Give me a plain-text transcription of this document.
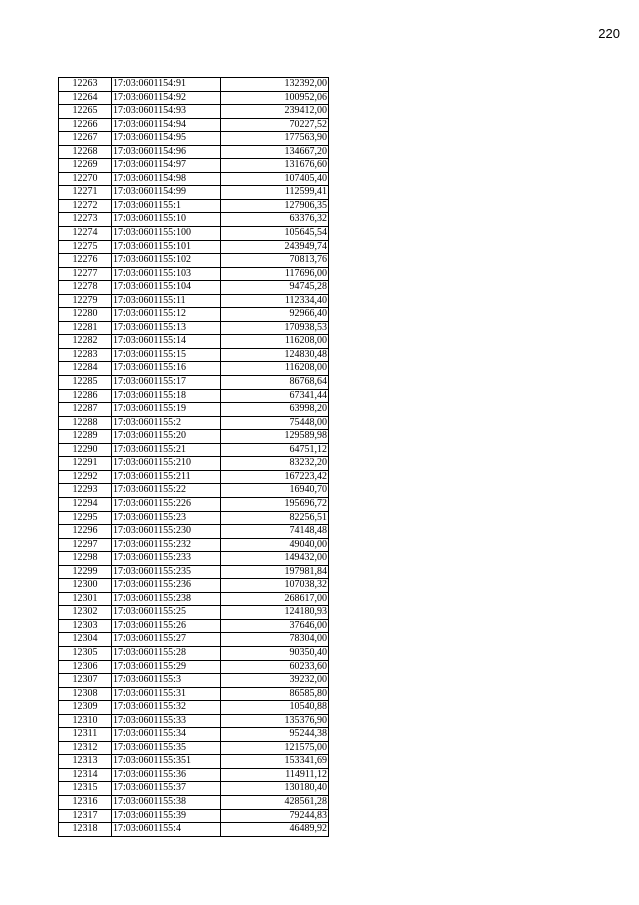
220
12263	17:03:0601154:91	132392,00
12264	17:03:0601154:92	100952,06
12265	17:03:0601154:93	239412,00
12266	17:03:0601154:94	70227,52
12267	17:03:0601154:95	177563,90
12268	17:03:0601154:96	134667,20
12269	17:03:0601154:97	131676,60
12270	17:03:0601154:98	107405,40
12271	17:03:0601154:99	112599,41
12272	17:03:0601155:1	127906,35
12273	17:03:0601155:10	63376,32
12274	17:03:0601155:100	105645,54
12275	17:03:0601155:101	243949,74
12276	17:03:0601155:102	70813,76
12277	17:03:0601155:103	117696,00
12278	17:03:0601155:104	94745,28
12279	17:03:0601155:11	112334,40
12280	17:03:0601155:12	92966,40
12281	17:03:0601155:13	170938,53
12282	17:03:0601155:14	116208,00
12283	17:03:0601155:15	124830,48
12284	17:03:0601155:16	116208,00
12285	17:03:0601155:17	86768,64
12286	17:03:0601155:18	67341,44
12287	17:03:0601155:19	63998,20
12288	17:03:0601155:2	75448,00
12289	17:03:0601155:20	129589,98
12290	17:03:0601155:21	64751,12
12291	17:03:0601155:210	83232,20
12292	17:03:0601155:211	167223,42
12293	17:03:0601155:22	16940,70
12294	17:03:0601155:226	195696,72
12295	17:03:0601155:23	82256,51
12296	17:03:0601155:230	74148,48
12297	17:03:0601155:232	49040,00
12298	17:03:0601155:233	149432,00
12299	17:03:0601155:235	197981,84
12300	17:03:0601155:236	107038,32
12301	17:03:0601155:238	268617,00
12302	17:03:0601155:25	124180,93
12303	17:03:0601155:26	37646,00
12304	17:03:0601155:27	78304,00
12305	17:03:0601155:28	90350,40
12306	17:03:0601155:29	60233,60
12307	17:03:0601155:3	39232,00
12308	17:03:0601155:31	86585,80
12309	17:03:0601155:32	10540,88
12310	17:03:0601155:33	135376,90
12311	17:03:0601155:34	95244,38
12312	17:03:0601155:35	121575,00
12313	17:03:0601155:351	153341,69
12314	17:03:0601155:36	114911,12
12315	17:03:0601155:37	130180,40
12316	17:03:0601155:38	428561,28
12317	17:03:0601155:39	79244,83
12318	17:03:0601155:4	46489,92
